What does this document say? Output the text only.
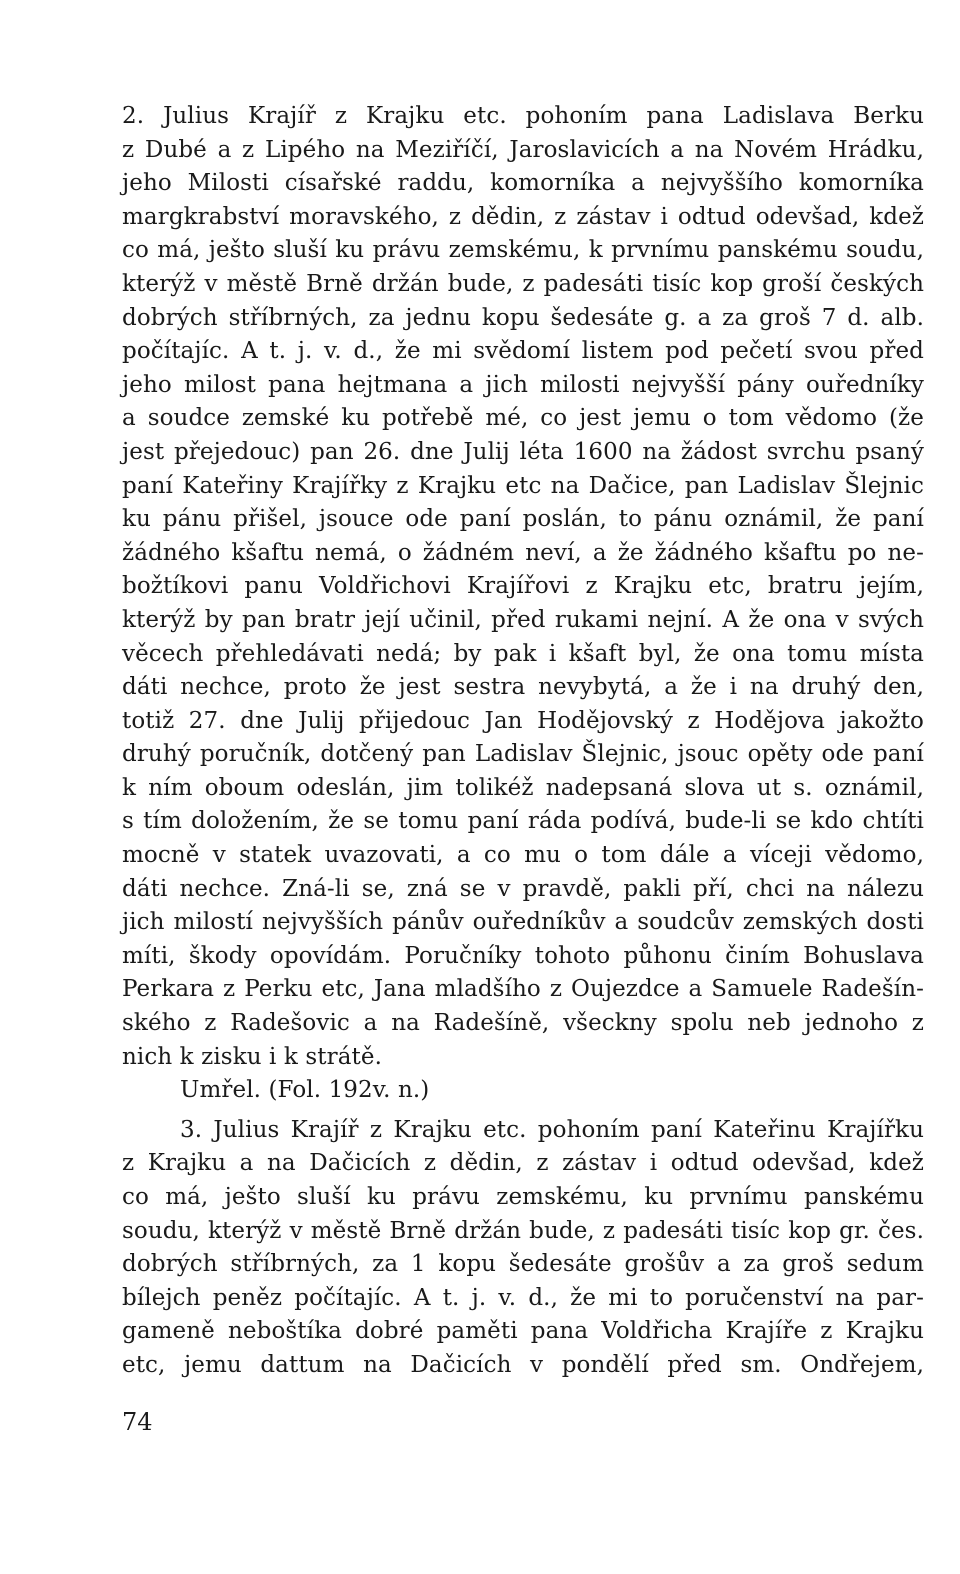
2. Julius Krajíř z Krajku etc. pohoním pana Ladislava Berku
z Dubé a z Lipého na Meziříčí, Jaroslavicích a na Novém Hrádku,
jeho Milosti císařské raddu, komorníka a nejvyššího komorníka
margkrabství moravského, z dědin, z zástav i odtud odevšad, kdež
co má, ješto sluší ku právu zemskému, k prvnímu panskému soudu,
kterýž v městě Brně držán bude, z padesáti tisíc kop groší českých
dobrých stříbrných, za jednu kopu šedesáte g. a za groš 7 d. alb.
počítajíc. A t. j. v. d., že mi svědomí listem pod pečetí svou před
jeho milost pana hejtmana a jich milosti nejvyšší pány ouředníky
a soudce zemské ku potřebě mé, co jest jemu o tom vědomo (že
jest přejedouc) pan 26. dne Julij léta 1600 na žádost svrchu psaný
paní Kateřiny Krajířky z Krajku etc na Dačice, pan Ladislav Šlejnic
ku pánu přišel, jsouce ode paní poslán, to pánu oznámil, že paní
žádného kšaftu nemá, o žádném neví, a že žádného kšaftu po ne-
božtíkovi panu Voldřichovi Krajířovi z Krajku etc, bratru jejím,
kterýž by pan bratr její učinil, před rukami nejní. A že ona v svých
věcech přehledávati nedá; by pak i kšaft byl, že ona tomu místa
dáti nechce, proto že jest sestra nevybytá, a že i na druhý den,
totiž 27. dne Julij přijedouc Jan Hodějovský z Hodějova jakožto
druhý poručník, dotčený pan Ladislav Šlejnic, jsouc opěty ode paní
k ním oboum odeslán, jim tolikéž nadepsaná slova ut s. oznámil,
s tím doložením, že se tomu paní ráda podívá, bude-li se kdo chtíti
mocně v statek uvazovati, a co mu o tom dále a víceji vědomo,
dáti nechce. Zná-li se, zná se v pravdě, pakli pří, chci na nálezu
jich milostí nejvyšších pánův ouředníkův a soudcův zemských dosti
míti, škody opovídám. Poručníky tohoto půhonu činím Bohuslava
Perkara z Perku etc, Jana mladšího z Oujezdce a Samuele Radešín-
ského z Radešovic a na Radešíně, všeckny spolu neb jednoho z
nich k zisku i k strátě.
Umřel. (Fol. 192v. n.)
3. Julius Krajíř z Krajku etc. pohoním paní Kateřinu Krajířku
z Krajku a na Dačicích z dědin, z zástav i odtud odevšad, kdež
co má, ješto sluší ku právu zemskému, ku prvnímu panskému
soudu, kterýž v městě Brně držán bude, z padesáti tisíc kop gr. čes.
dobrých stříbrných, za 1 kopu šedesáte grošův a za groš sedum
bílejch peněz počítajíc. A t. j. v. d., že mi to poručenství na par-
gameně neboštíka dobré paměti pana Voldřicha Krajíře z Krajku
etc, jemu dattum na Dačicích v pondělí před sm. Ondřejem,
74
